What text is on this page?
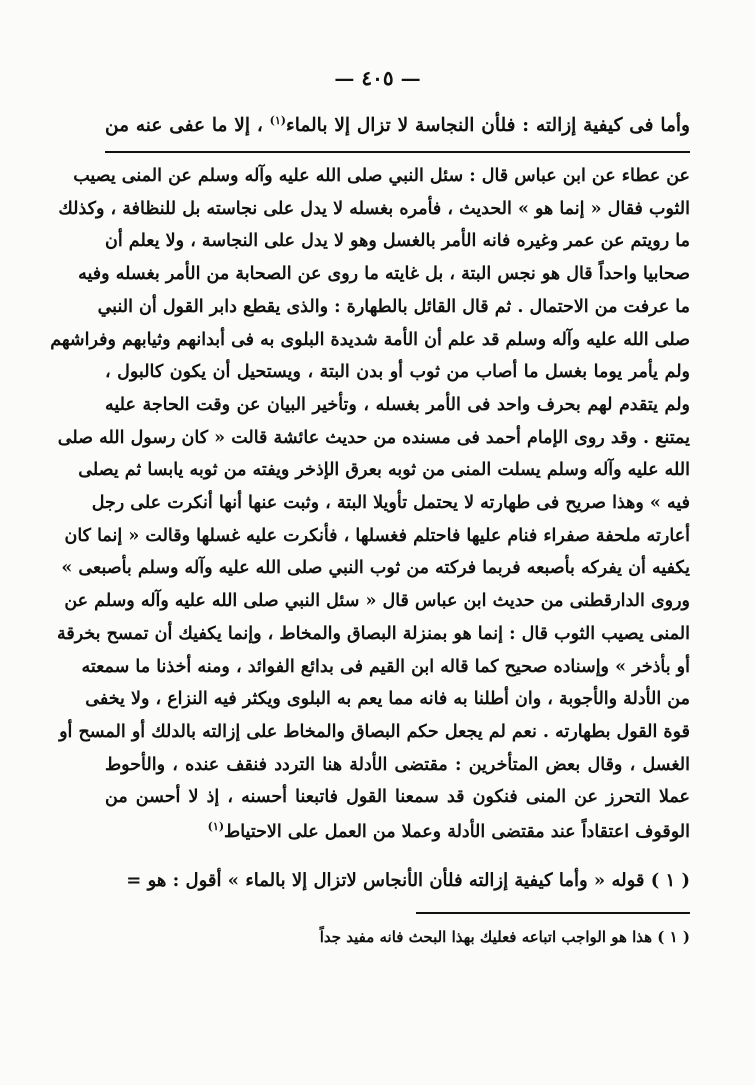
— ٤٠٥ —
وأما فى كيفية إزالته : فلأن النجاسة لا تزال إلا بالماء$^{(١)}$ ، إلا ما عفى عنه من
عن عطاء عن ابن عباس قال : سئل النبي صلى الله عليه وآله وسلم عن المنى يصيب
الثوب فقال « إنما هو » الحديث ، فأمره بغسله لا يدل على نجاسته بل للنظافة ، وكذلك
ما رويتم عن عمر وغيره فانه الأمر بالغسل وهو لا يدل على النجاسة ، ولا يعلم أن
صحابيا واحداً قال هو نجس البتة ، بل غايته ما روى عن الصحابة من الأمر بغسله وفيه
ما عرفت من الاحتمال . ثم قال القائل بالطهارة : والذى يقطع دابر القول أن النبي
صلى الله عليه وآله وسلم قد علم أن الأمة شديدة البلوى به فى أبدانهم وثيابهم وفراشهم
ولم يأمر يوما بغسل ما أصاب من ثوب أو بدن البتة ، ويستحيل أن يكون كالبول ،
ولم يتقدم لهم بحرف واحد فى الأمر بغسله ، وتأخير البيان عن وقت الحاجة عليه
يمتنع . وقد روى الإمام أحمد فى مسنده من حديث عائشة قالت « كان رسول الله صلى
الله عليه وآله وسلم يسلت المنى من ثوبه بعرق الإذخر ويفته من ثوبه يابسا ثم يصلى
فيه » وهذا صريح فى طهارته لا يحتمل تأويلا البتة ، وثبت عنها أنها أنكرت على رجل
أعارته ملحفة صفراء فنام عليها فاحتلم فغسلها ، فأنكرت عليه غسلها وقالت « إنما كان
يكفيه أن يفركه بأصبعه فربما فركته من ثوب النبي صلى الله عليه وآله وسلم بأصبعى »
وروى الدارقطنى من حديث ابن عباس قال « سئل النبي صلى الله عليه وآله وسلم عن
المنى يصيب الثوب قال : إنما هو بمنزلة البصاق والمخاط ، وإنما يكفيك أن تمسح بخرقة
أو بأذخر » وإسناده صحيح كما قاله ابن القيم فى بدائع الفوائد ، ومنه أخذنا ما سمعته
من الأدلة والأجوبة ، وان أطلنا به فانه مما يعم به البلوى ويكثر فيه النزاع ، ولا يخفى
قوة القول بطهارته . نعم لم يجعل حكم البصاق والمخاط على إزالته بالدلك أو المسح أو
الغسل ، وقال بعض المتأخرين : مقتضى الأدلة هنا التردد فنقف عنده ، والأحوط
عملا التحرز عن المنى فنكون قد سمعنا القول فاتبعنا أحسنه ، إذ لا أحسن من
الوقوف اعتقاداً عند مقتضى الأدلة وعملا من العمل على الاحتياط$^{(١)}$
( ١ ) قوله « وأما كيفية إزالته فلأن الأنجاس لاتزال إلا بالماء » أقول : هو =
( ١ ) هذا هو الواجب اتباعه فعليك بهذا البحث فانه مفيد جداً
